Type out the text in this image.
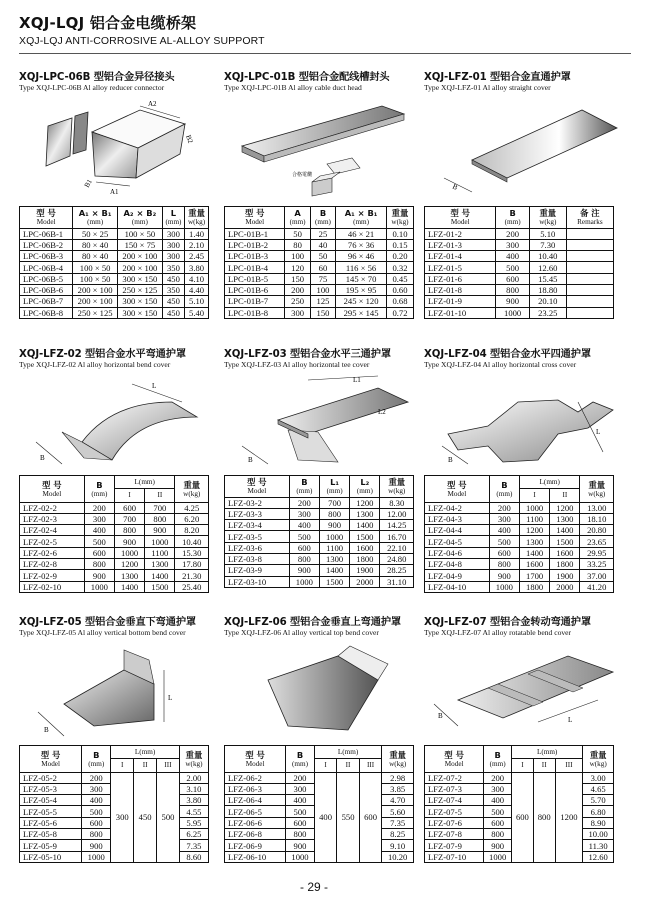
XQJ-LQJ 铝合金电缆桥架
XQJ-LQJ ANTI-CORROSIVE AL-ALLOY SUPPORT
XQJ-LPC-06B 型铝合金异径接头
Type XQJ-LPC-06B Al alloy reducer connector
A2
B2
A1
B1
型 号
Model	A₁ × B₁
(mm)	A₂ × B₂
(mm)	L
(mm)	重量
w(kg)
LPC-06B-1	50 × 25	100 × 50	300	1.40
LPC-06B-2	80 × 40	150 × 75	300	2.10
LPC-06B-3	80 × 40	200 × 100	300	2.45
LPC-06B-4	100 × 50	200 × 100	350	3.80
LPC-06B-5	100 × 50	300 × 150	450	4.10
LPC-06B-6	200 × 100	250 × 125	350	4.40
LPC-06B-7	200 × 100	300 × 150	450	5.10
LPC-06B-8	250 × 125	300 × 150	450	5.40
XQJ-LPC-01B 型铝合金配线槽封头
Type XQJ-LPC-01B Al alloy cable duct head
合格電纜
型 号
Model	A
(mm)	B
(mm)	A₁ × B₁
(mm)	重量
w(kg)
LPC-01B-1	50	25	46 × 21	0.10
LPC-01B-2	80	40	76 × 36	0.15
LPC-01B-3	100	50	96 × 46	0.20
LPC-01B-4	120	60	116 × 56	0.32
LPC-01B-5	150	75	145 × 70	0.45
LPC-01B-6	200	100	195 × 95	0.60
LPC-01B-7	250	125	245 × 120	0.68
LPC-01B-8	300	150	295 × 145	0.72
XQJ-LFZ-01 型铝合金直通护罩
Type XQJ-LFZ-01 Al alloy straight cover
B
型 号
Model	B
(mm)	重量
w(kg)	备 注
Remarks
LFZ-01-2	200	5.10	
LFZ-01-3	300	7.30	
LFZ-01-4	400	10.40	
LFZ-01-5	500	12.60	
LFZ-01-6	600	15.45	
LFZ-01-8	800	18.80	
LFZ-01-9	900	20.10	
LFZ-01-10	1000	23.25	
XQJ-LFZ-02 型铝合金水平弯通护罩
Type XQJ-LFZ-02 Al alloy horizontal bend cover
L
B
型 号
Model	B
(mm)	L(mm)		重量
w(kg)
		I	II	
LFZ-02-2	200	600	700	4.25
LFZ-02-3	300	700	800	6.20
LFZ-02-4	400	800	900	8.20
LFZ-02-5	500	900	1000	10.40
LFZ-02-6	600	1000	1100	15.30
LFZ-02-8	800	1200	1300	17.80
LFZ-02-9	900	1300	1400	21.30
LFZ-02-10	1000	1400	1500	25.40
XQJ-LFZ-03 型铝合金水平三通护罩
Type XQJ-LFZ-03 Al alloy horizontal tee cover
L1
L2
B
型 号
Model	B
(mm)	L₁
(mm)	L₂
(mm)	重量
w(kg)
LFZ-03-2	200	700	1200	8.30
LFZ-03-3	300	800	1300	12.00
LFZ-03-4	400	900	1400	14.25
LFZ-03-5	500	1000	1500	16.70
LFZ-03-6	600	1100	1600	22.10
LFZ-03-8	800	1300	1800	24.80
LFZ-03-9	900	1400	1900	28.25
LFZ-03-10	1000	1500	2000	31.10
XQJ-LFZ-04 型铝合金水平四通护罩
Type XQJ-LFZ-04 Al alloy horizontal cross cover
L
B
型 号
Model	B
(mm)	L(mm)		重量
w(kg)
		I	II	
LFZ-04-2	200	1000	1200	13.00
LFZ-04-3	300	1100	1300	18.10
LFZ-04-4	400	1200	1400	20.80
LFZ-04-5	500	1300	1500	23.65
LFZ-04-6	600	1400	1600	29.95
LFZ-04-8	800	1600	1800	33.25
LFZ-04-9	900	1700	1900	37.00
LFZ-04-10	1000	1800	2000	41.20
XQJ-LFZ-05 型铝合金垂直下弯通护罩
Type XQJ-LFZ-05 Al alloy vertical bottom bend cover
L
B
型 号
Model	B
(mm)	L(mm)			重量
w(kg)
		I	II	III	
LFZ-05-2	200	300	450	500	2.00
LFZ-05-3	300				3.10
LFZ-05-4	400				3.80
LFZ-05-5	500				4.55
LFZ-05-6	600				5.95
LFZ-05-8	800				6.25
LFZ-05-9	900				7.35
LFZ-05-10	1000				8.60
XQJ-LFZ-06 型铝合金垂直上弯通护罩
Type XQJ-LFZ-06 Al alloy vertical top bend cover
型 号
Model	B
(mm)	L(mm)			重量
w(kg)
		I	II	III	
LFZ-06-2	200	400	550	600	2.98
LFZ-06-3	300				3.85
LFZ-06-4	400				4.70
LFZ-06-5	500				5.60
LFZ-06-6	600				7.35
LFZ-06-8	800				8.25
LFZ-06-9	900				9.10
LFZ-06-10	1000				10.20
XQJ-LFZ-07 型铝合金转动弯通护罩
Type XQJ-LFZ-07 Al alloy rotatable bend cover
L
B
型 号
Model	B
(mm)	L(mm)			重量
w(kg)
		I	II	III	
LFZ-07-2	200	600	800	1200	3.00
LFZ-07-3	300				4.65
LFZ-07-4	400				5.70
LFZ-07-5	500				6.80
LFZ-07-6	600				8.90
LFZ-07-8	800				10.00
LFZ-07-9	900				11.30
LFZ-07-10	1000				12.60
- 29 -
